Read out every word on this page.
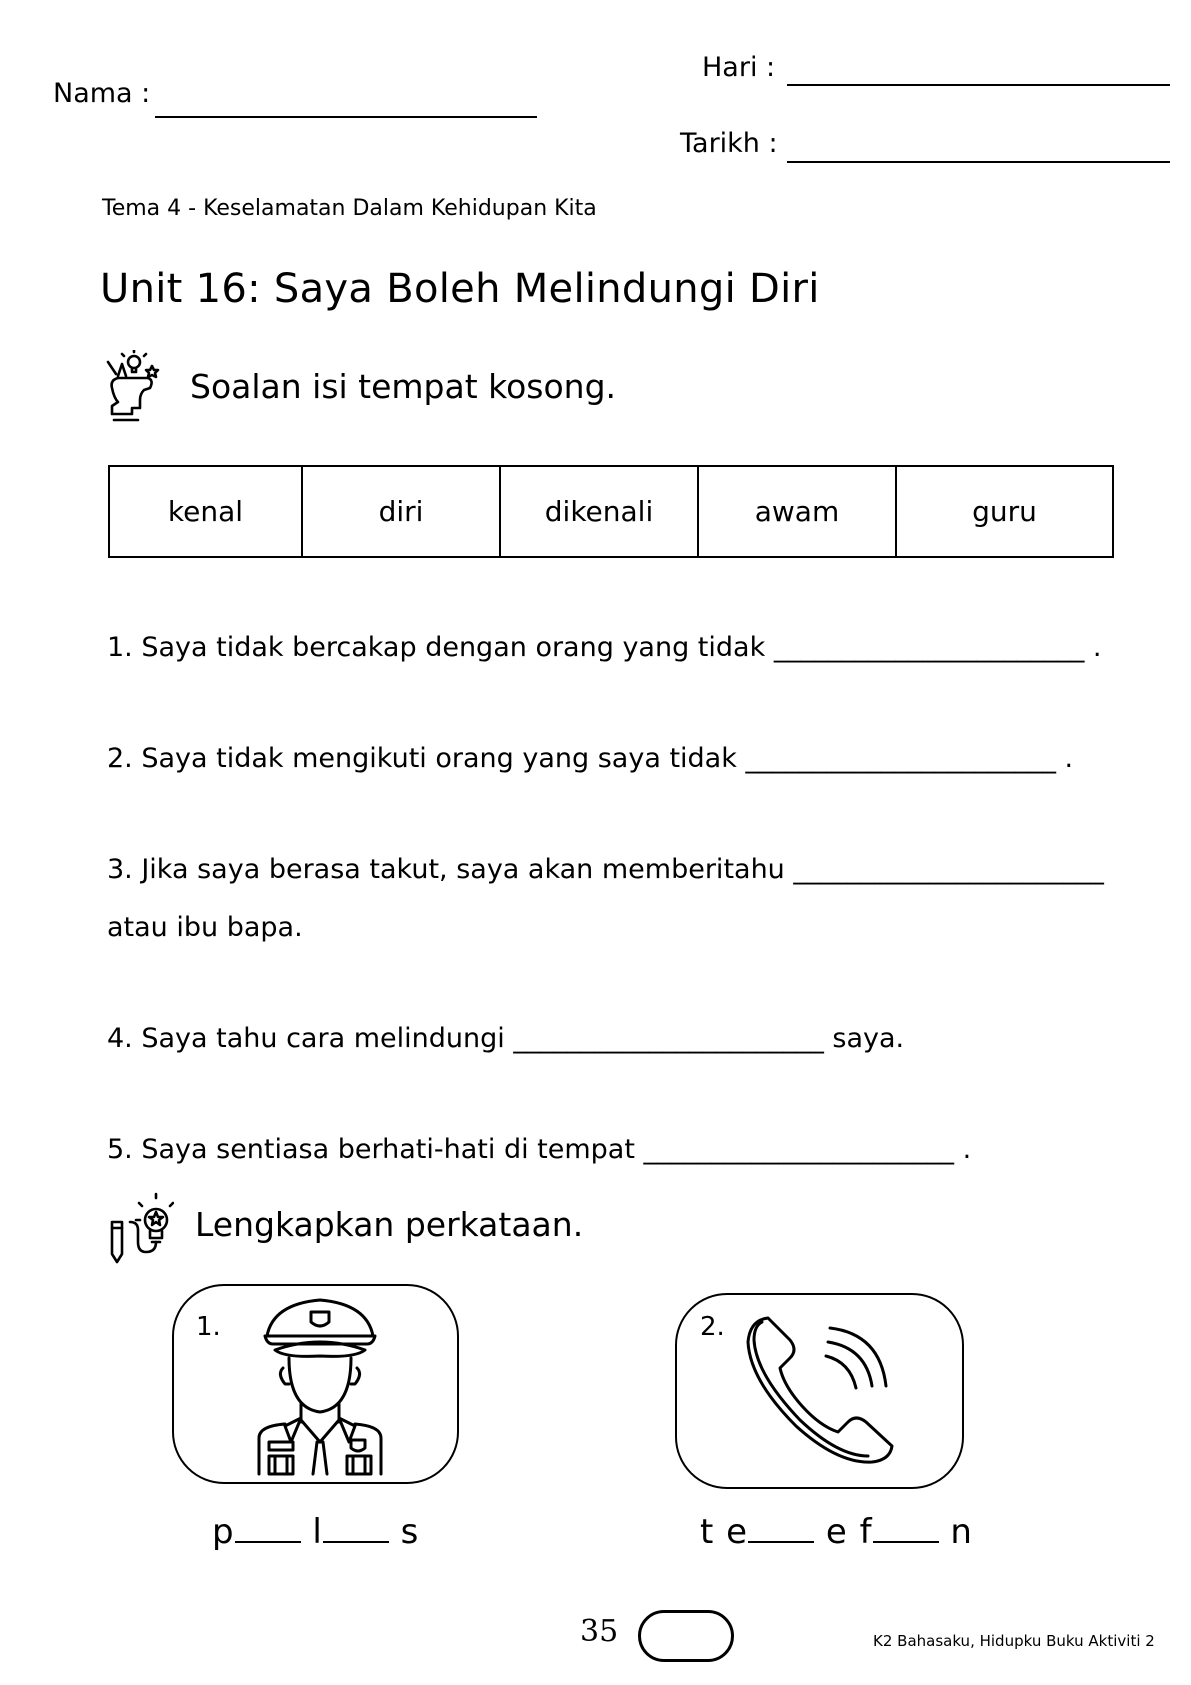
Nama :
Hari :
Tarikh :
Tema 4 - Keselamatan Dalam Kehidupan Kita
Unit 16: Saya Boleh Melindungi Diri
Soalan isi tempat kosong.
kenal	diri	dikenali	awam	guru
1. Saya tidak bercakap dengan orang yang tidak _______________________ .
2. Saya tidak mengikuti orang yang saya tidak _______________________ .
3. Jika saya berasa takut, saya akan memberitahu _______________________
atau ibu bapa.
4. Saya tahu cara melindungi _______________________ saya.
5. Saya sentiasa berhati-hati di tempat _______________________ .
Lengkapkan perkataan.
1.
p l s
2.
t e e f n
35	K2 Bahasaku, Hidupku Buku Aktiviti 2
